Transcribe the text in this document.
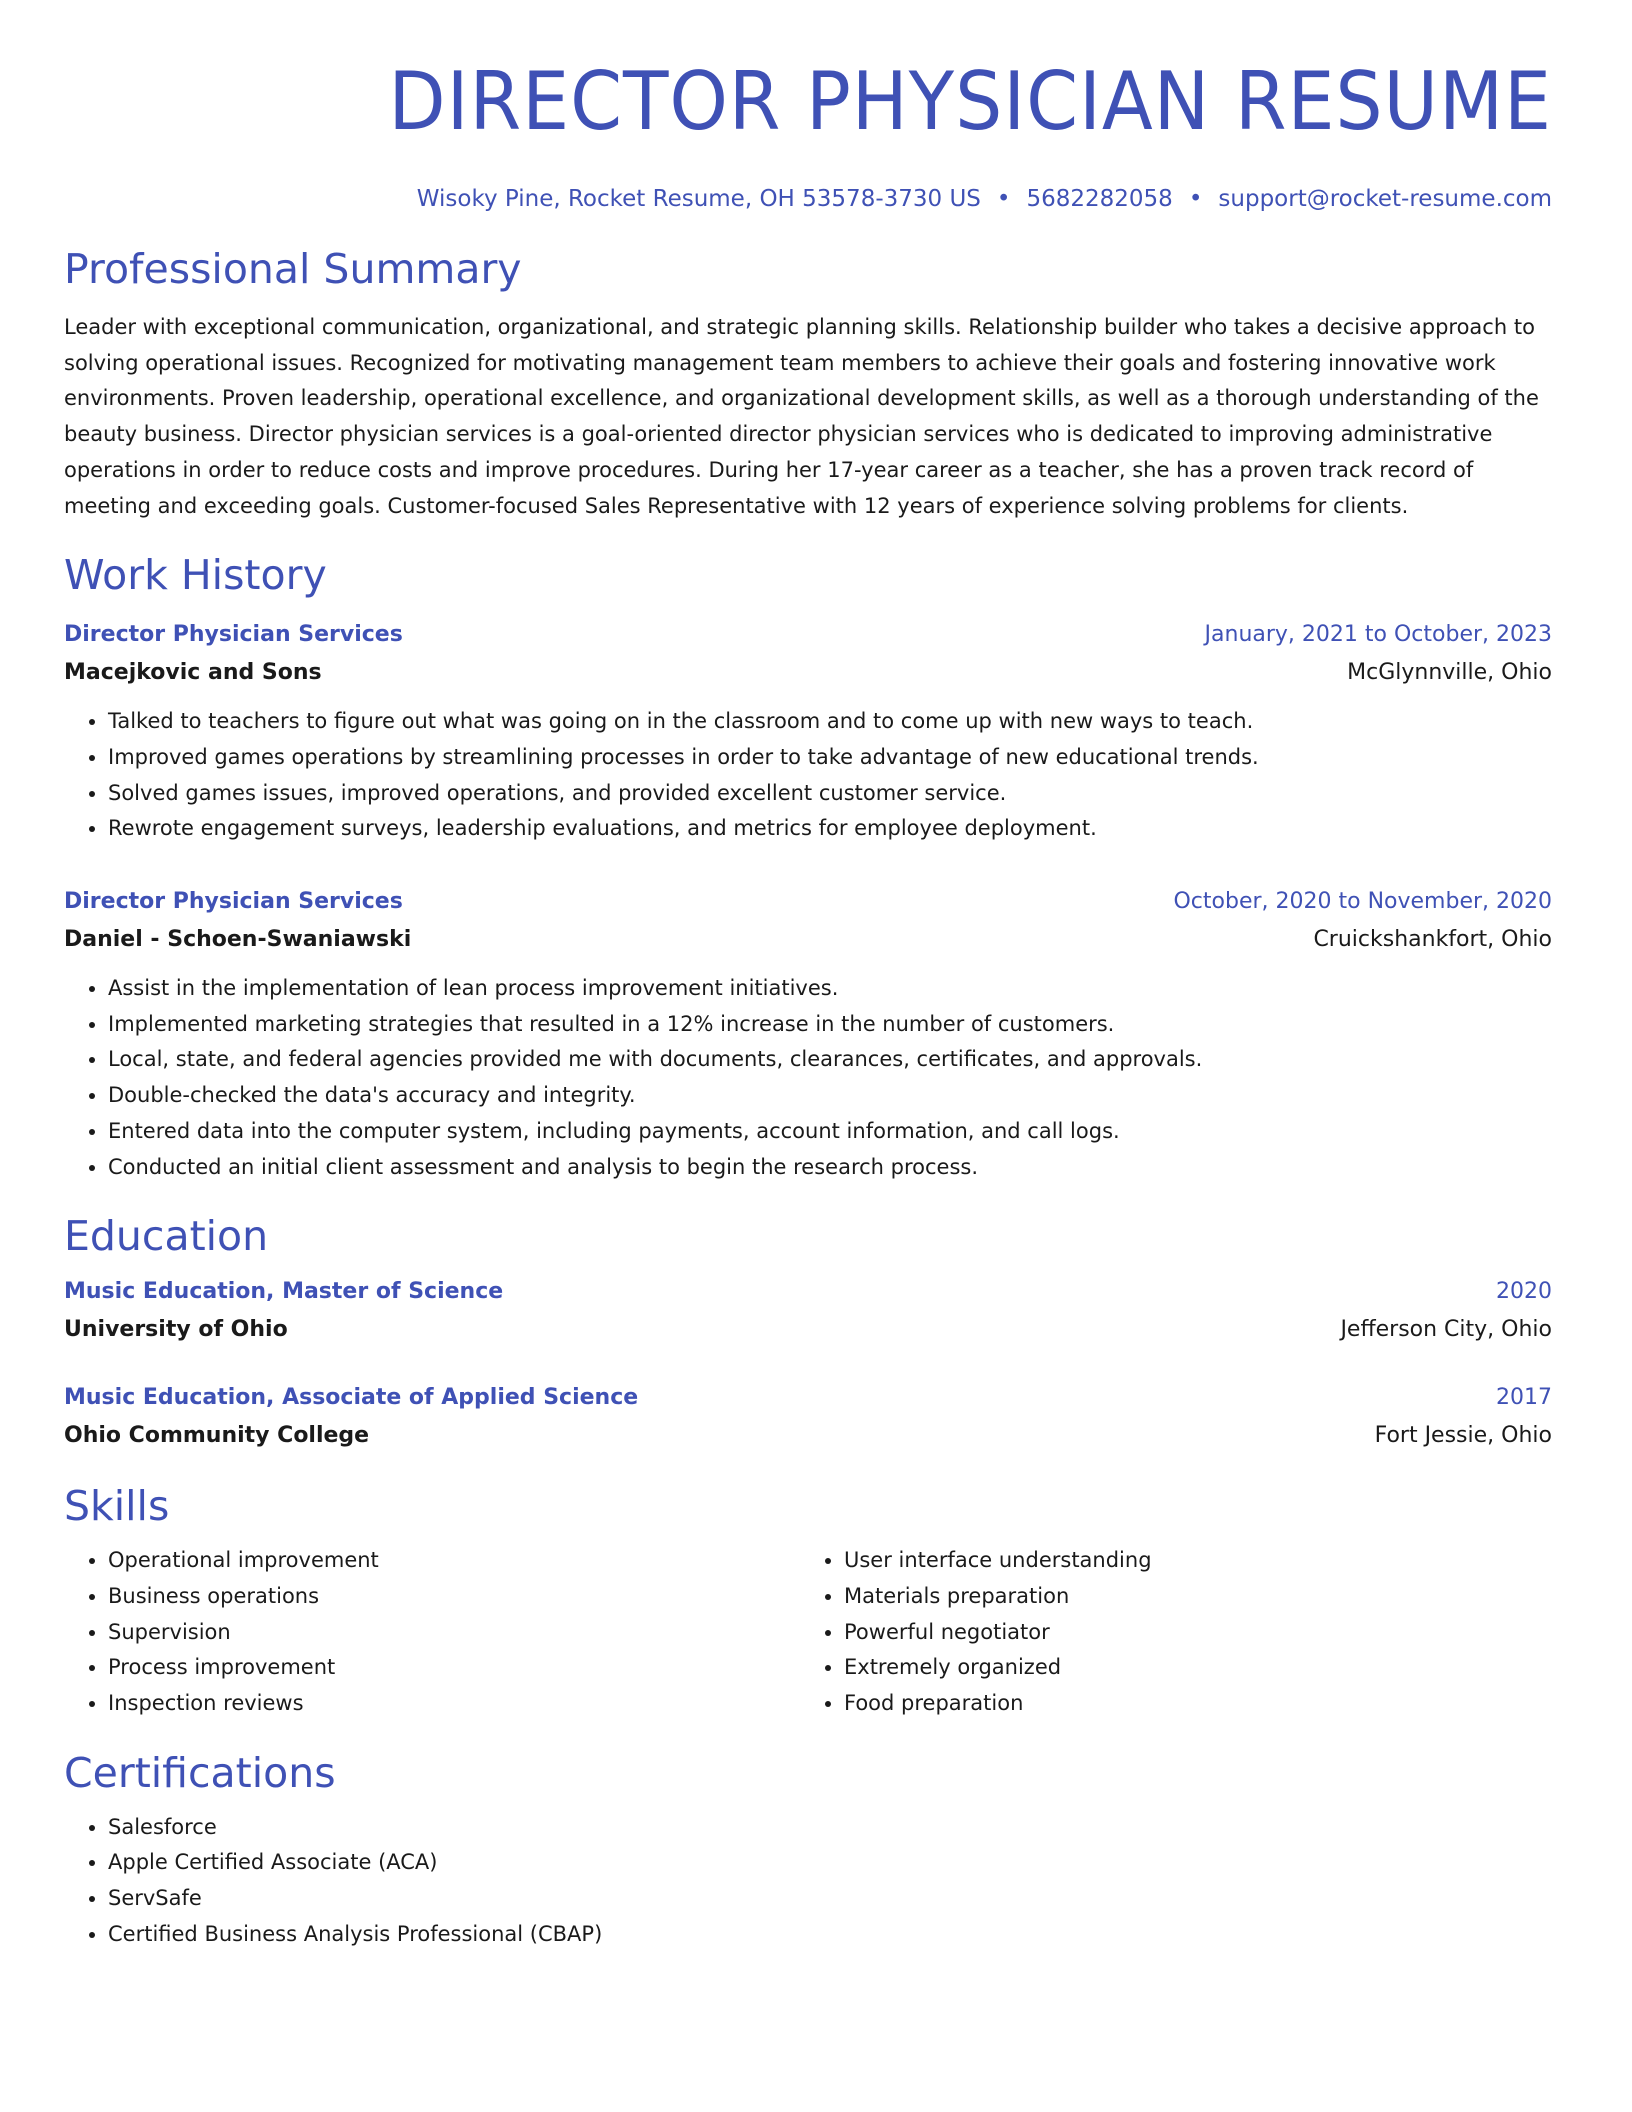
DIRECTOR PHYSICIAN RESUME
Wisoky Pine, Rocket Resume, OH 53578-3730 US • 5682282058 • support@rocket-resume.com
Professional Summary
Leader with exceptional communication, organizational, and strategic planning skills. Relationship builder who takes a decisive approach to solving operational issues. Recognized for motivating management team members to achieve their goals and fostering innovative work environments. Proven leadership, operational excellence, and organizational development skills, as well as a thorough understanding of the beauty business. Director physician services is a goal-oriented director physician services who is dedicated to improving administrative operations in order to reduce costs and improve procedures. During her 17-year career as a teacher, she has a proven track record of meeting and exceeding goals. Customer-focused Sales Representative with 12 years of experience solving problems for clients.
Work History
Director Physician Services	January, 2021 to October, 2023
Macejkovic and Sons	McGlynnville, Ohio
• Talked to teachers to figure out what was going on in the classroom and to come up with new ways to teach.
• Improved games operations by streamlining processes in order to take advantage of new educational trends.
• Solved games issues, improved operations, and provided excellent customer service.
• Rewrote engagement surveys, leadership evaluations, and metrics for employee deployment.
Director Physician Services	October, 2020 to November, 2020
Daniel - Schoen-Swaniawski	Cruickshankfort, Ohio
• Assist in the implementation of lean process improvement initiatives.
• Implemented marketing strategies that resulted in a 12% increase in the number of customers.
• Local, state, and federal agencies provided me with documents, clearances, certificates, and approvals.
• Double-checked the data's accuracy and integrity.
• Entered data into the computer system, including payments, account information, and call logs.
• Conducted an initial client assessment and analysis to begin the research process.
Education
Music Education, Master of Science	2020
University of Ohio	Jefferson City, Ohio
Music Education, Associate of Applied Science	2017
Ohio Community College	Fort Jessie, Ohio
Skills
• Operational improvement
• Business operations
• Supervision
• Process improvement
• Inspection reviews
• User interface understanding
• Materials preparation
• Powerful negotiator
• Extremely organized
• Food preparation
Certifications
• Salesforce
• Apple Certified Associate (ACA)
• ServSafe
• Certified Business Analysis Professional (CBAP)
